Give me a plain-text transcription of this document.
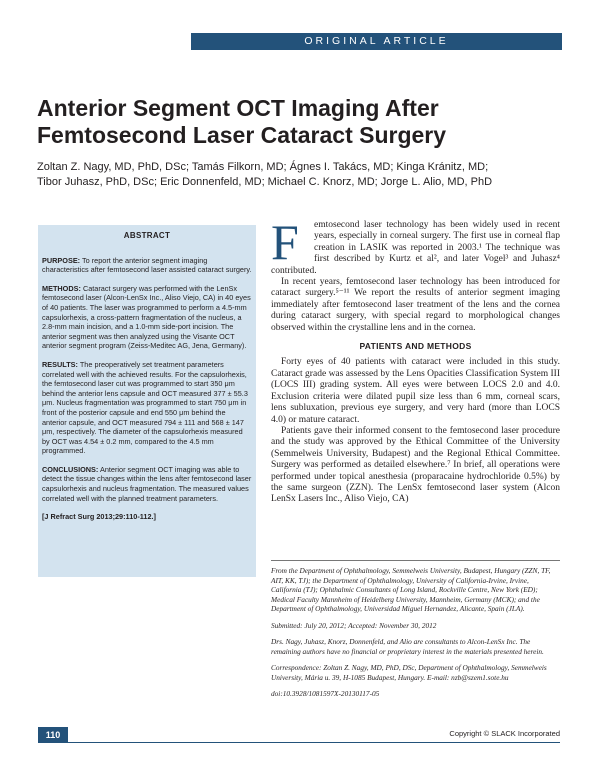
ORIGINAL ARTICLE
Anterior Segment OCT Imaging After
Femtosecond Laser Cataract Surgery
Zoltan Z. Nagy, MD, PhD, DSc; Tamás Filkorn, MD; Ágnes I. Takács, MD; Kinga Kránitz, MD;
Tibor Juhasz, PhD, DSc; Eric Donnenfeld, MD; Michael C. Knorz, MD; Jorge L. Alio, MD, PhD
ABSTRACT

PURPOSE: To report the anterior segment imaging characteristics after femtosecond laser assisted cataract surgery.

METHODS: Cataract surgery was performed with the LenSx femtosecond laser (Alcon-LenSx Inc., Aliso Viejo, CA) in 40 eyes of 40 patients. The laser was programmed to perform a 4.5-mm capsulorhexis, a cross-pattern fragmentation of the nucleus, a 2.8-mm main incision, and a 1.0-mm side-port incision. The anterior segment was then analyzed using the Visante OCT anterior segment program (Zeiss-Meditec AG, Jena, Germany).

RESULTS: The preoperatively set treatment parameters correlated well with the achieved results. For the capsulorhexis, the femtosecond laser cut was programmed to start 350 μm behind the anterior lens capsule and OCT measured 377 ± 55.3 μm. Nucleus fragmentation was programmed to start 750 μm in front of the posterior capsule and end 550 μm behind the anterior capsule, and OCT measured 794 ± 111 and 568 ± 147 μm, respectively. The diameter of the capsulorhexis measured by OCT was 4.54 ± 0.2 mm, compared to the 4.5 mm programmed.

CONCLUSIONS: Anterior segment OCT imaging was able to detect the tissue changes within the lens after femtosecond laser capsulorhexis and nucleus fragmentation. The measured values correlated well with the planned treatment parameters.

[J Refract Surg 2013;29:110-112.]

F	emtosecond laser technology has been widely used in recent years, especially in corneal surgery. The first use in corneal flap creation in LASIK was reported in 2003.¹ The technique was first described by Kurtz et al², and later Vogel³ and Juhasz⁴ contributed.

In recent years, femtosecond laser technology has been introduced for cataract surgery.⁵⁻¹¹ We report the results of anterior segment imaging immediately after femtosecond laser treatment of the lens and the cornea during cataract surgery, with special regard to morphological changes observed within the crystalline lens and in the cornea.

PATIENTS AND METHODS

Forty eyes of 40 patients with cataract were included in this study. Cataract grade was assessed by the Lens Opacities Classification System III (LOCS III) grading system. All eyes were between LOCS 2.0 and 4.0. Exclusion criteria were dilated pupil size less than 6 mm, corneal scars, lens subluxation, previous eye surgery, and very hard (more than LOCS 4.0) or mature cataract.

Patients gave their informed consent to the femtosecond laser procedure and the study was approved by the Ethical Committee of the University (Semmelweis University, Budapest) and the Regional Ethical Committee. Surgery was performed as detailed elsewhere.⁷ In brief, all operations were performed under topical anesthesia (proparacaine hydrochloride 0.5%) by the same surgeon (ZZN). The LenSx femtosecond laser system (Alcon LenSx Lasers Inc., Aliso Viejo, CA)

From the Department of Ophthalmology, Semmelweis University, Budapest, Hungary (ZZN, TF, AIT, KK, TJ); the Department of Ophthalmology, University of California-Irvine, Irvine, California (TJ); Ophthalmic Consultants of Long Island, Rockville Centre, New York (ED); Medical Faculty Mannheim of Heidelberg University, Mannheim, Germany (MCK); and the Department of Ophthalmology, Universidad Miguel Hernandez, Alicante, Spain (JLA).

Submitted: July 20, 2012; Accepted: November 30, 2012

Drs. Nagy, Juhasz, Knorz, Donnenfeld, and Alio are consultants to Alcon-LenSx Inc. The remaining authors have no financial or proprietary interest in the materials presented herein.

Correspondence: Zoltan Z. Nagy, MD, PhD, DSc, Department of Ophthalmology, Semmelweis University, Mária u. 39, H-1085 Budapest, Hungary. E-mail: nzb@szem1.sote.hu

doi:10.3928/1081597X-20130117-05

110	Copyright © SLACK Incorporated
